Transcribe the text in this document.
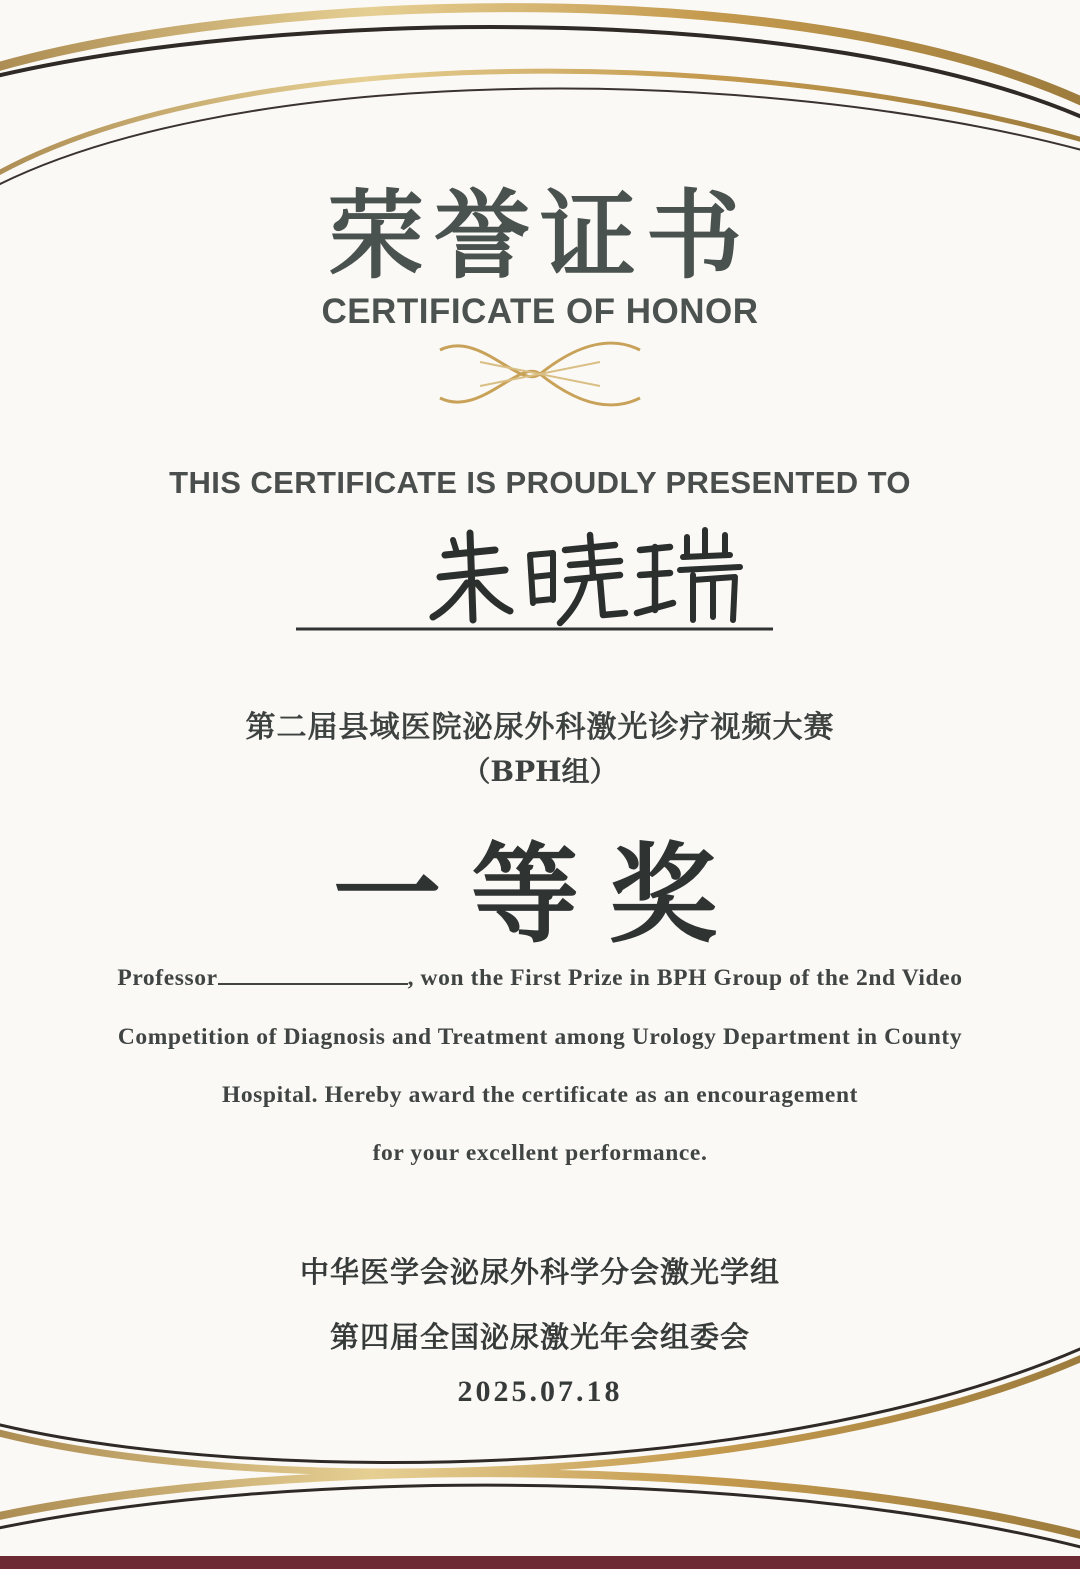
荣誉证书
CERTIFICATE OF HONOR
THIS CERTIFICATE IS PROUDLY PRESENTED TO
第二届县域医院泌尿外科激光诊疗视频大赛
（BPH组）
一等奖
Professor	, won the First Prize in BPH Group of the 2nd Video
Competition of Diagnosis and Treatment among Urology Department in County
Hospital. Hereby award the certificate as an encouragement
for your excellent performance.
中华医学会泌尿外科学分会激光学组
第四届全国泌尿激光年会组委会
2025.07.18
